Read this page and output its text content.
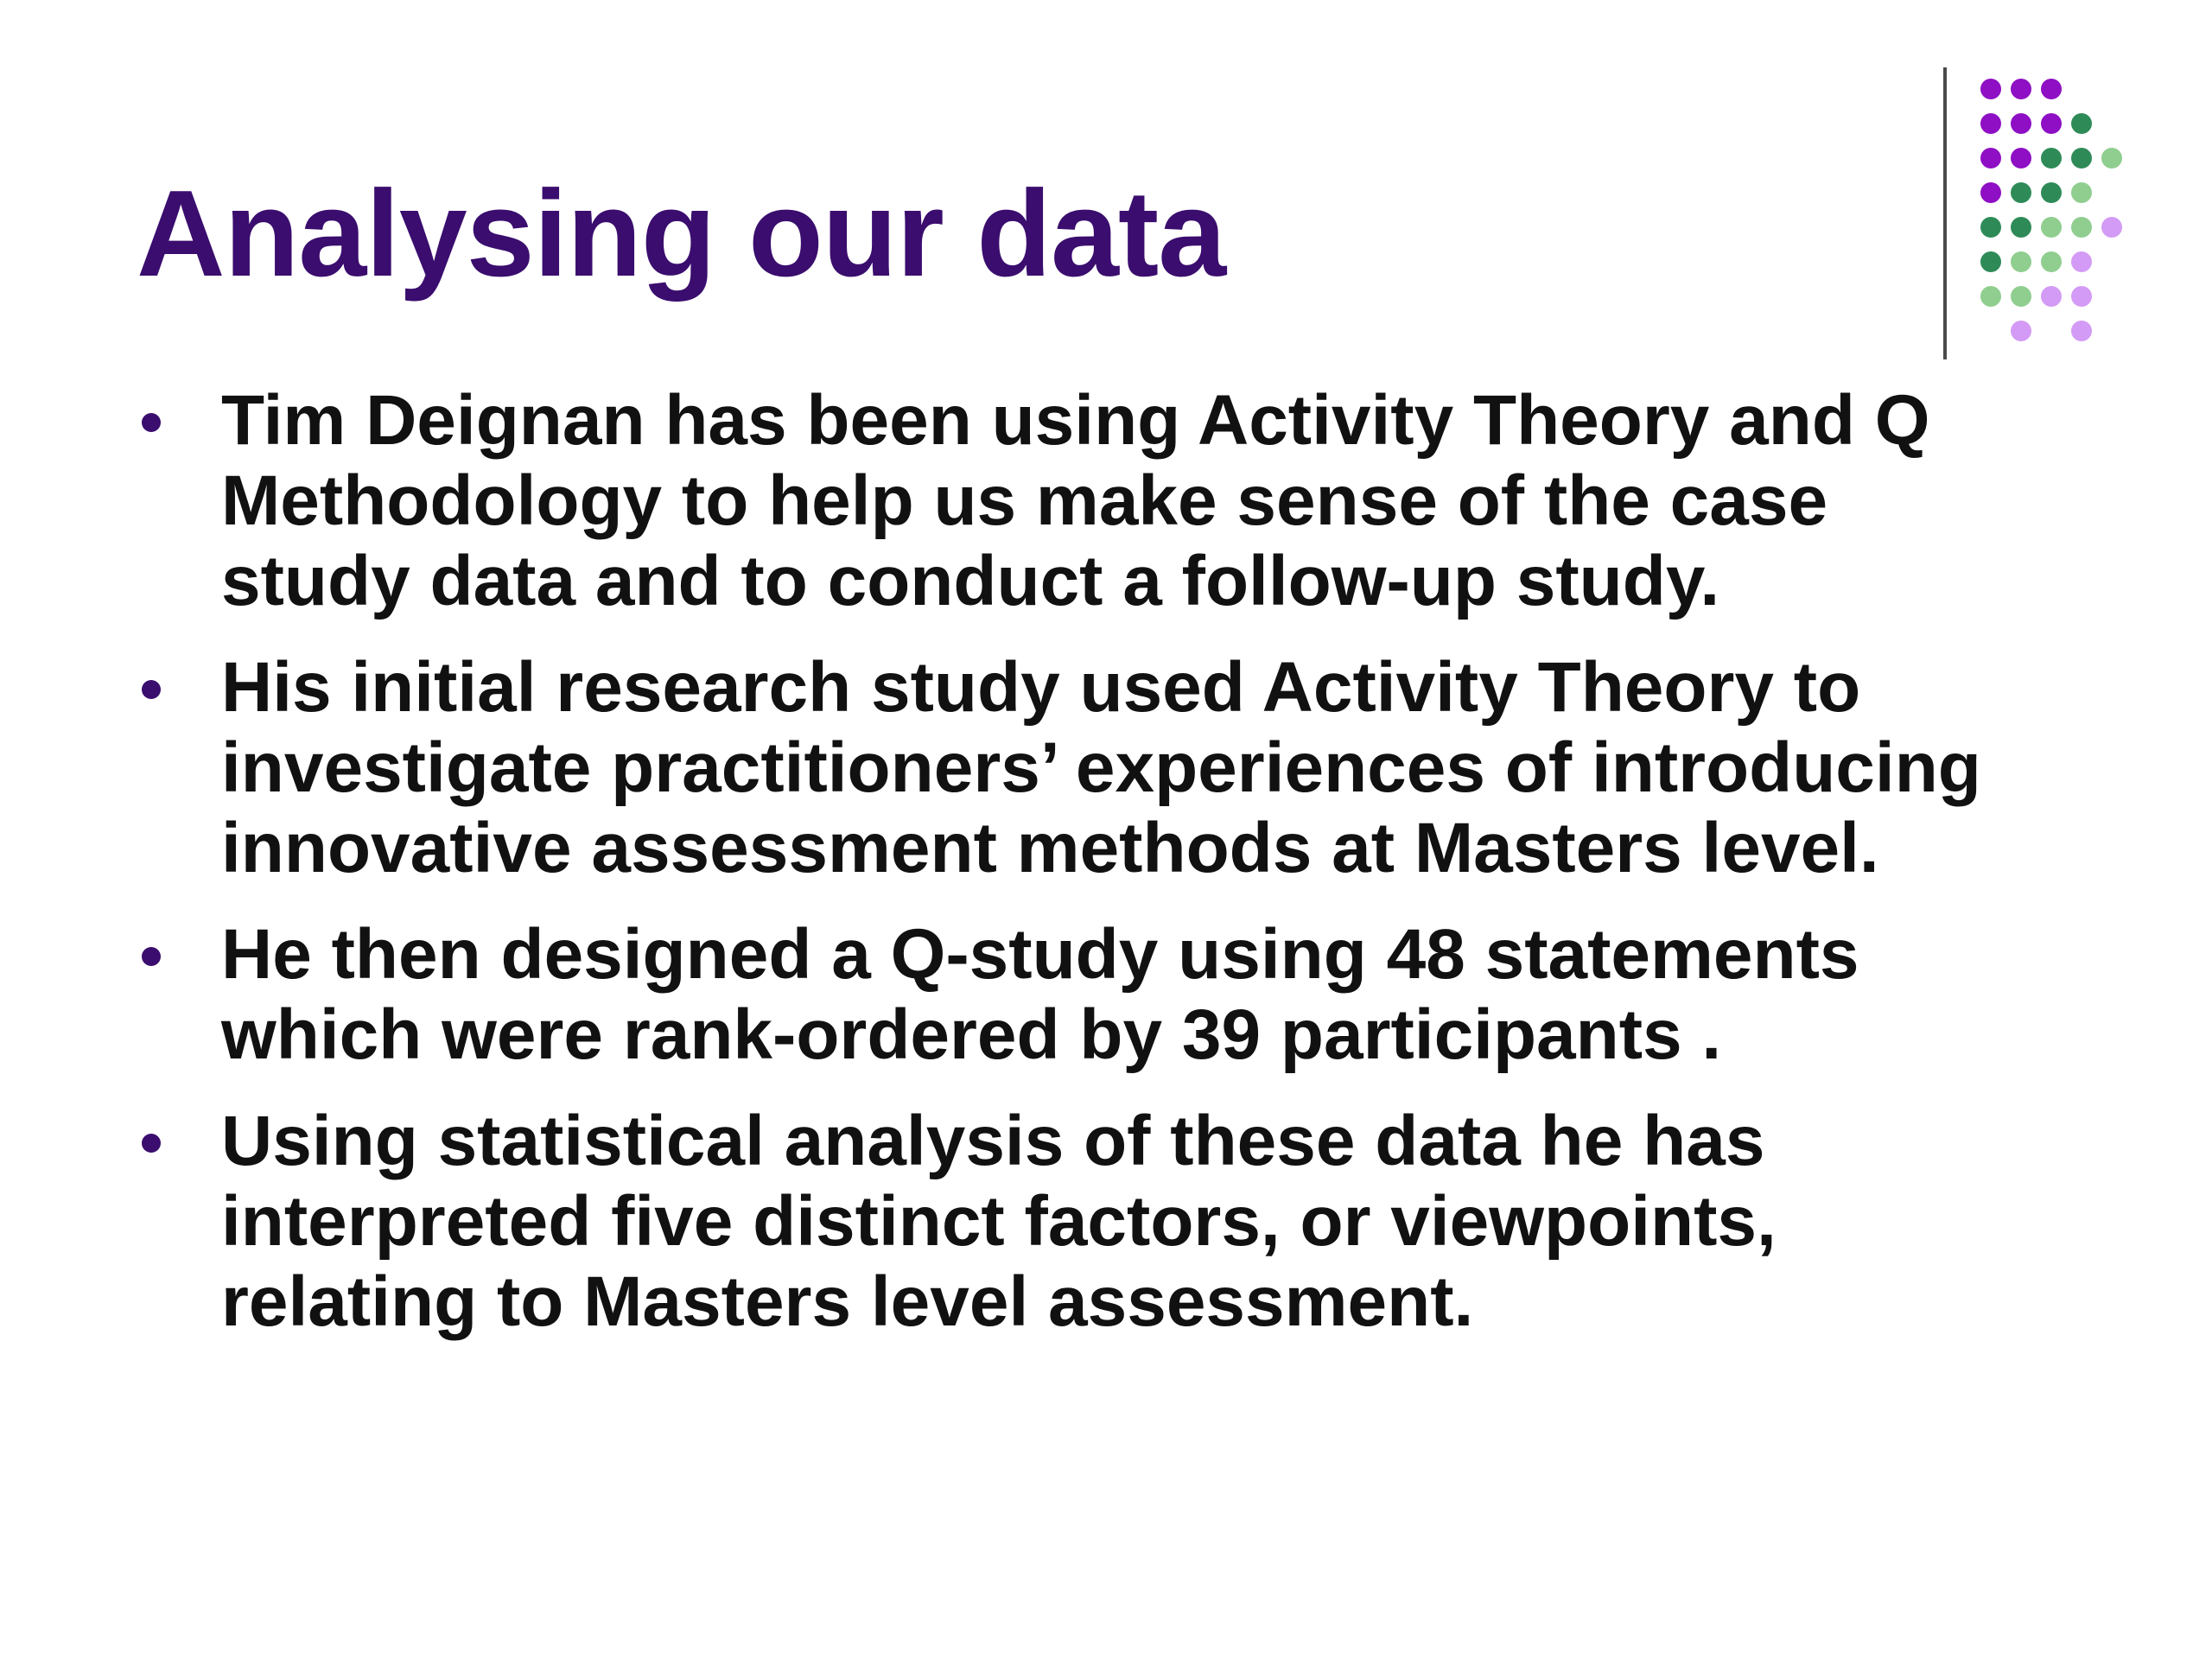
Analysing our data
Tim Deignan has been using Activity Theory and Q
Methodology to help us make sense of the case
study data and to conduct a follow-up study.
His initial research study used Activity Theory to
investigate practitioners’ experiences of introducing
innovative assessment methods at Masters level.
He then designed a Q-study using 48 statements
which were rank-ordered by 39 participants .
Using statistical analysis of these data he has
interpreted five distinct factors, or viewpoints,
relating to Masters level assessment.
